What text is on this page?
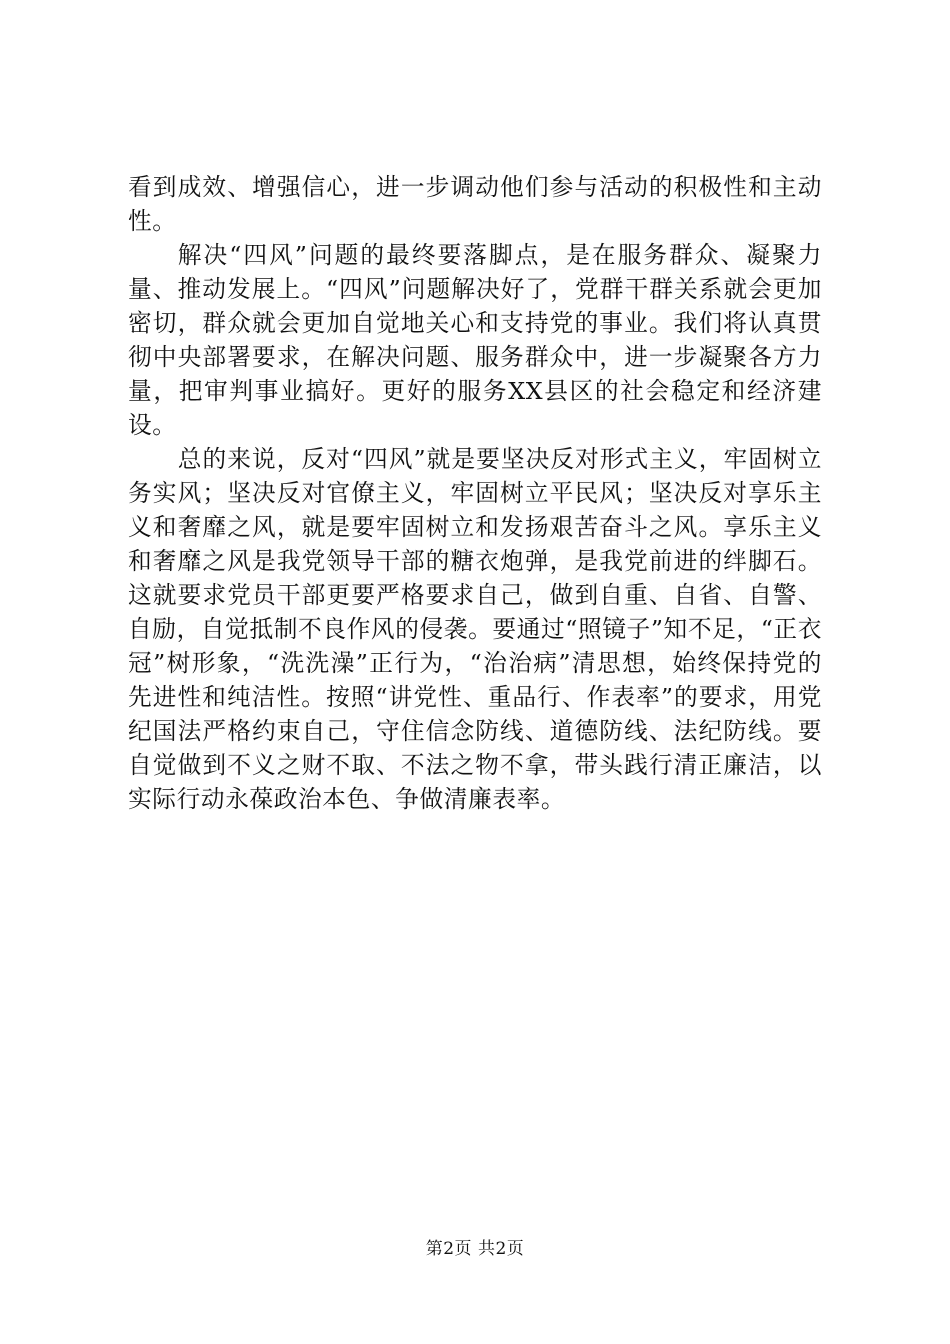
看到成效、增强信心，进一步调动他们参与活动的积极性和主动性。

解决“四风”问题的最终要落脚点，是在服务群众、凝聚力量、推动发展上。“四风”问题解决好了，党群干群关系就会更加密切，群众就会更加自觉地关心和支持党的事业。我们将认真贯彻中央部署要求，在解决问题、服务群众中，进一步凝聚各方力量，把审判事业搞好。更好的服务XX县区的社会稳定和经济建设。

总的来说，反对“四风”就是要坚决反对形式主义，牢固树立务实风；坚决反对官僚主义，牢固树立平民风；坚决反对享乐主义和奢靡之风，就是要牢固树立和发扬艰苦奋斗之风。享乐主义和奢靡之风是我党领导干部的糖衣炮弹，是我党前进的绊脚石。这就要求党员干部更要严格要求自己，做到自重、自省、自警、自励，自觉抵制不良作风的侵袭。要通过“照镜子”知不足，“正衣冠”树形象，“洗洗澡”正行为，“治治病”清思想，始终保持党的先进性和纯洁性。按照“讲党性、重品行、作表率”的要求，用党纪国法严格约束自己，守住信念防线、道德防线、法纪防线。要自觉做到不义之财不取、不法之物不拿，带头践行清正廉洁，以实际行动永葆政治本色、争做清廉表率。

第2页 共2页
